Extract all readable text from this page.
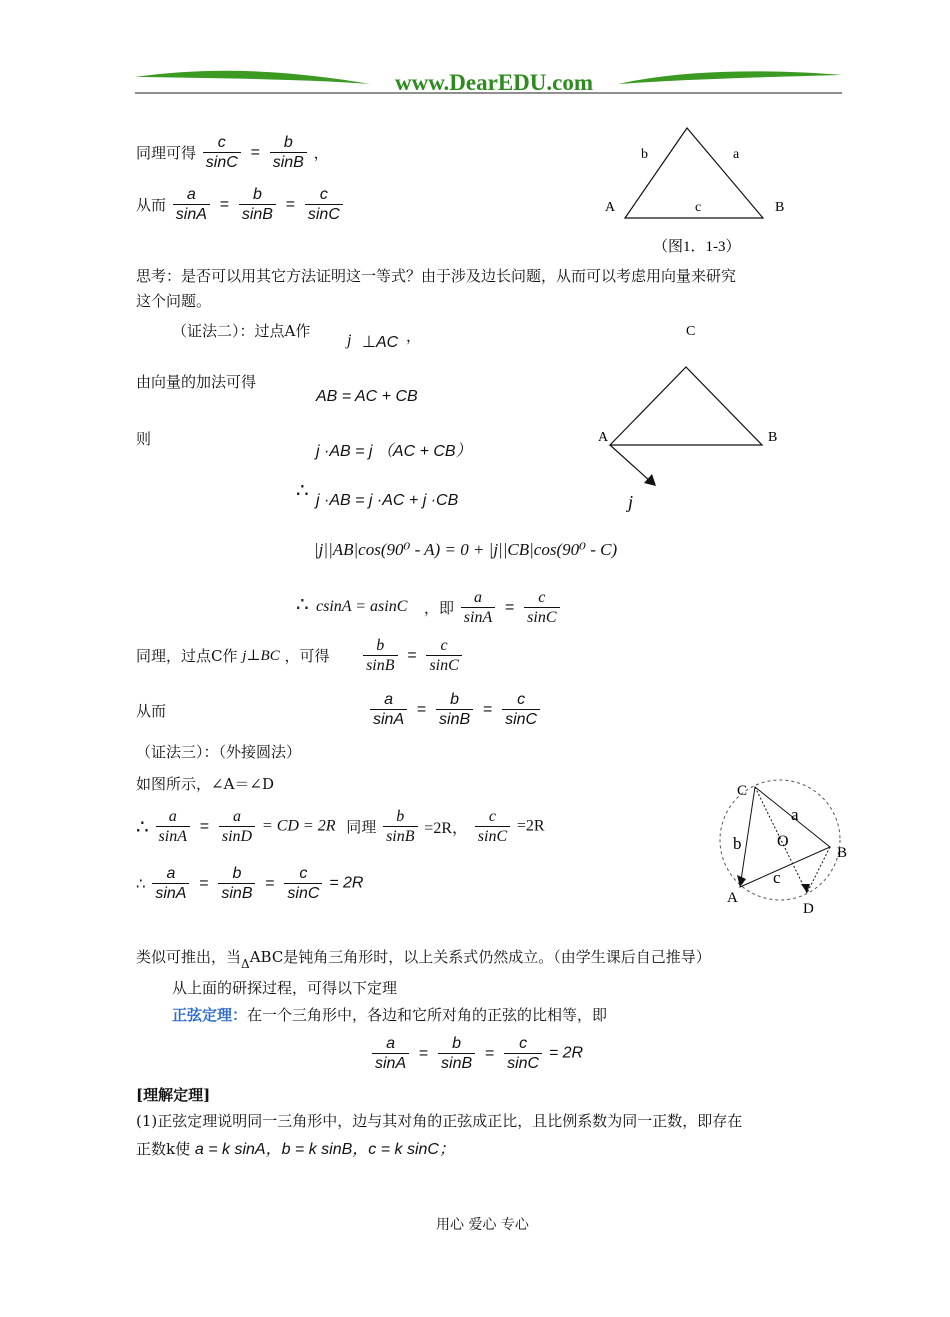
www.DearEDU.com
同理可得 $\frac{c}{\sin C} = \frac{b}{\sin B}$ ，
从而 $\frac{a}{\sin A} = \frac{b}{\sin B} = \frac{c}{\sin C}$
b	a
A	c	B
（图1．1-3）
思考：是否可以用其它方法证明这一等式？由于涉及边长问题，从而可以考虑用向量来研究
这个问题。
（证法二）：过点A作
j ⊥AC ，
由向量的加法可得
AB = AC + CB
则
j ·AB = j （AC + CB）
∴ j ·AB = j ·AC + j ·CB
|j||AB|cos(90⁰ - A) = 0 + |j||CB|cos(90⁰ - C)
∴ csinA = asinC ，即 $\frac{a}{\sin A} = \frac{c}{\sin C}$
C
A	B
j
同理，过点C作 j⊥BC ，可得 $\frac{b}{\sin B} = \frac{c}{\sin C}$
从而	$\frac{a}{\sin A} = \frac{b}{\sin B} = \frac{c}{\sin C}$
（证法三）：（外接圆法）
如图所示，∠A＝∠D
∴ $\frac{a}{\sin A} = \frac{a}{\sin D}$ = CD = 2R 同理 $\frac{b}{\sin B} =2R$， $\frac{c}{\sin C} =2R$
∴ $\frac{a}{\sin A} = \frac{b}{\sin B} = \frac{c}{\sin C} = 2R$
C
a
b O
B
c
A
D
类似可推出，当$_\Delta$ABC是钝角三角形时，以上关系式仍然成立。（由学生课后自己推导）
从上面的研探过程，可得以下定理
正弦定理：在一个三角形中，各边和它所对角的正弦的比相等，即
$\frac{a}{\sin A} = \frac{b}{\sin B} = \frac{c}{\sin C} = 2R$
[理解定理]
(1)正弦定理说明同一三角形中，边与其对角的正弦成正比，且比例系数为同一正数，即存在
正数k使 a = k sinA，b = k sinB，c = k sinC；
用心 爱心 专心
